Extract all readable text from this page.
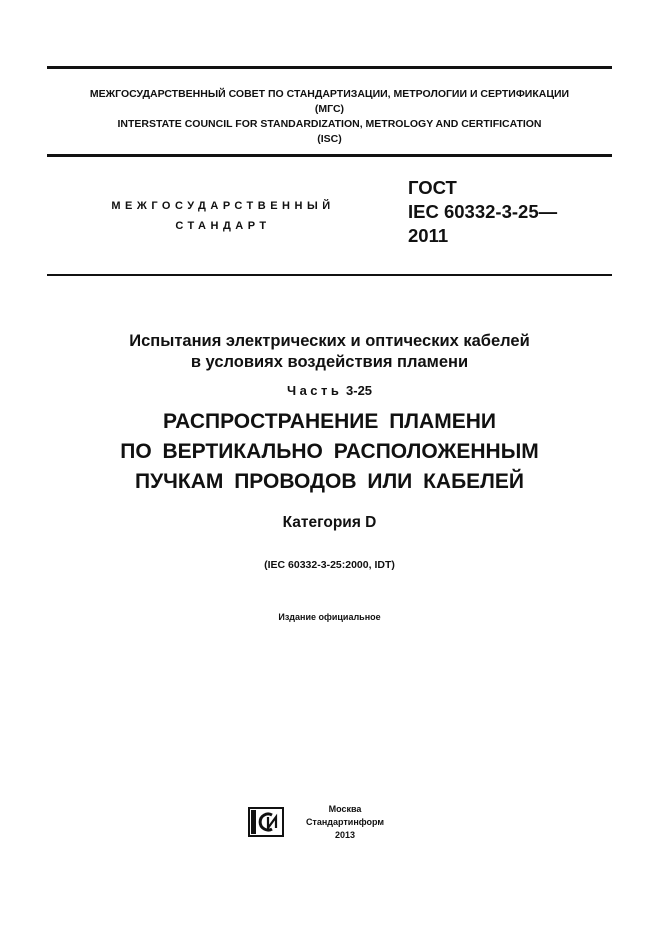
МЕЖГОСУДАРСТВЕННЫЙ СОВЕТ ПО СТАНДАРТИЗАЦИИ, МЕТРОЛОГИИ И СЕРТИФИКАЦИИ
(МГС)
INTERSTATE COUNCIL FOR STANDARDIZATION, METROLOGY AND CERTIFICATION
(ISC)
МЕЖГОСУДАРСТВЕННЫЙ
СТАНДАРТ
ГОСТ
IEC 60332-3-25—
2011
Испытания электрических и оптических кабелей
в условиях воздействия пламени
Часть 3-25
РАСПРОСТРАНЕНИЕ ПЛАМЕНИ
ПО ВЕРТИКАЛЬНО РАСПОЛОЖЕННЫМ
ПУЧКАМ ПРОВОДОВ ИЛИ КАБЕЛЕЙ
Категория D
(IEC 60332-3-25:2000, IDT)
Издание официальное
Москва
Стандартинформ
2013
